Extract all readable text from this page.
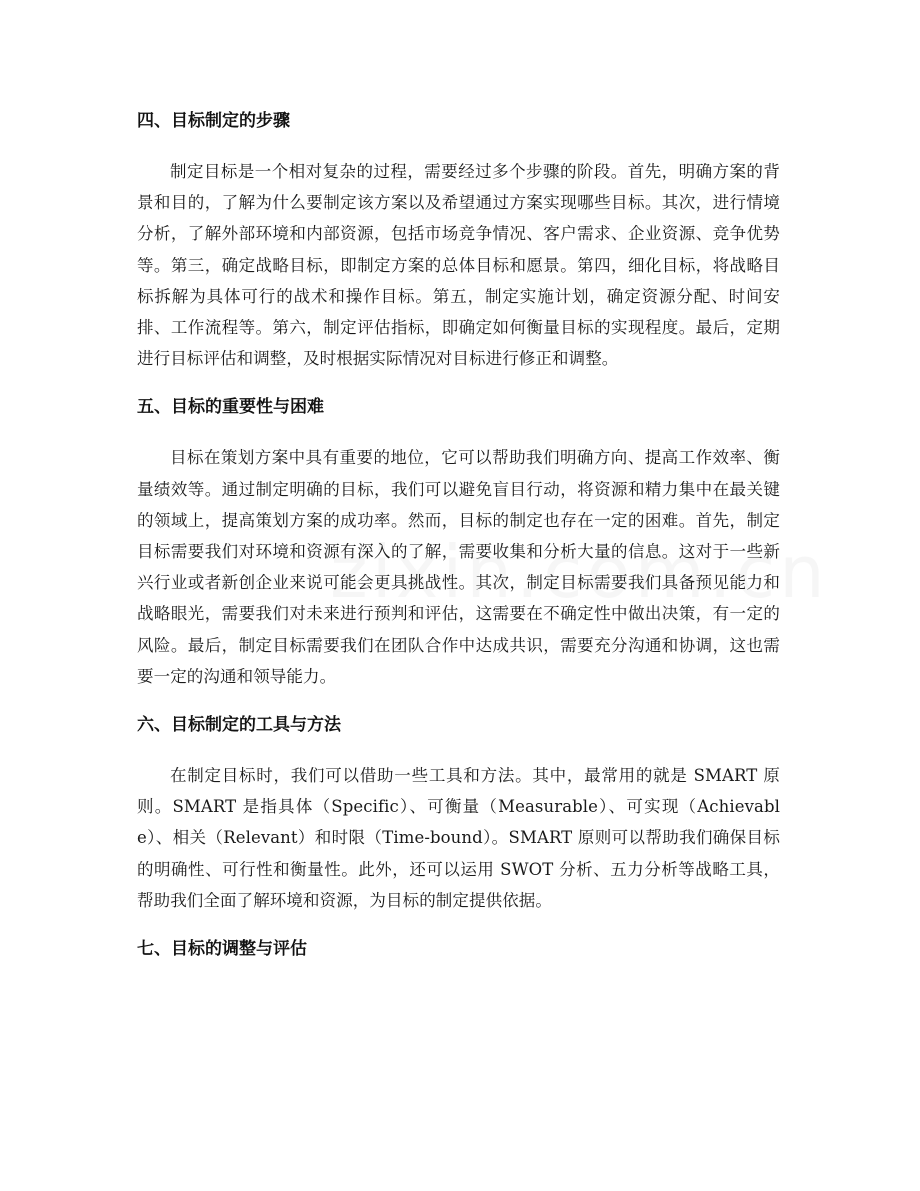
四、目标制定的步骤

制定目标是一个相对复杂的过程，需要经过多个步骤的阶段。首先，明确方案的背景和目的，了解为什么要制定该方案以及希望通过方案实现哪些目标。其次，进行情境分析，了解外部环境和内部资源，包括市场竞争情况、客户需求、企业资源、竞争优势等。第三，确定战略目标，即制定方案的总体目标和愿景。第四，细化目标，将战略目标拆解为具体可行的战术和操作目标。第五，制定实施计划，确定资源分配、时间安排、工作流程等。第六，制定评估指标，即确定如何衡量目标的实现程度。最后，定期进行目标评估和调整，及时根据实际情况对目标进行修正和调整。

五、目标的重要性与困难

目标在策划方案中具有重要的地位，它可以帮助我们明确方向、提高工作效率、衡量绩效等。通过制定明确的目标，我们可以避免盲目行动，将资源和精力集中在最关键的领域上，提高策划方案的成功率。然而，目标的制定也存在一定的困难。首先，制定目标需要我们对环境和资源有深入的了解，需要收集和分析大量的信息。这对于一些新兴行业或者新创企业来说可能会更具挑战性。其次，制定目标需要我们具备预见能力和战略眼光，需要我们对未来进行预判和评估，这需要在不确定性中做出决策，有一定的风险。最后，制定目标需要我们在团队合作中达成共识，需要充分沟通和协调，这也需要一定的沟通和领导能力。

六、目标制定的工具与方法

在制定目标时，我们可以借助一些工具和方法。其中，最常用的就是 SMART 原则。SMART 是指具体（Specific）、可衡量（Measurable）、可实现（Achievable）、相关（Relevant）和时限（Time-bound）。SMART 原则可以帮助我们确保目标的明确性、可行性和衡量性。此外，还可以运用 SWOT 分析、五力分析等战略工具，帮助我们全面了解环境和资源，为目标的制定提供依据。

七、目标的调整与评估
